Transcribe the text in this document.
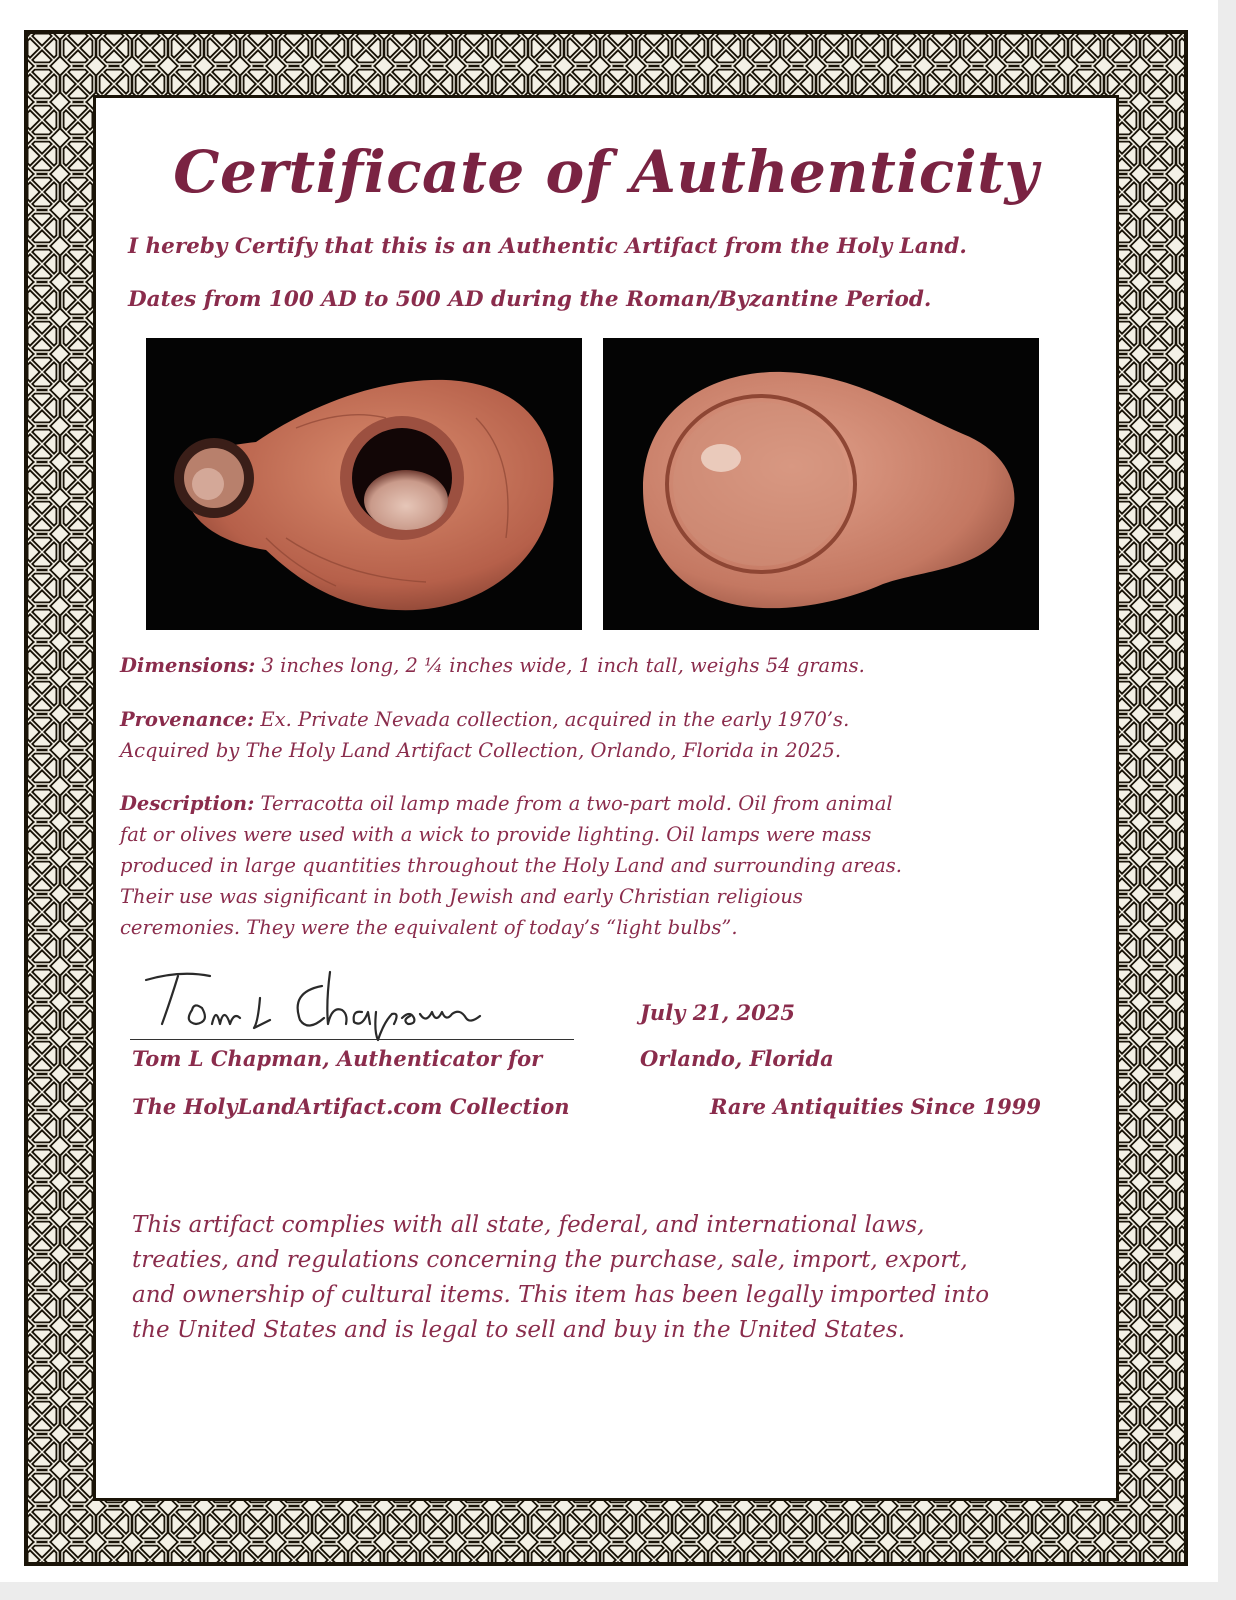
Certificate of Authenticity
I hereby Certify that this is an Authentic Artifact from the Holy Land.
Dates from 100 AD to 500 AD during the Roman/Byzantine Period.
Dimensions: 3 inches long, 2 ¼ inches wide, 1 inch tall, weighs 54 grams.
Provenance: Ex. Private Nevada collection, acquired in the early 1970’s.
Acquired by The Holy Land Artifact Collection, Orlando, Florida in 2025.
Description: Terracotta oil lamp made from a two-part mold. Oil from animal
fat or olives were used with a wick to provide lighting. Oil lamps were mass
produced in large quantities throughout the Holy Land and surrounding areas.
Their use was significant in both Jewish and early Christian religious
ceremonies. They were the equivalent of today’s “light bulbs”.
Tom L Chapman, Authenticator for
The HolyLandArtifact.com Collection
July 21, 2025
Orlando, Florida
Rare Antiquities Since 1999
This artifact complies with all state, federal, and international laws,
treaties, and regulations concerning the purchase, sale, import, export,
and ownership of cultural items. This item has been legally imported into
the United States and is legal to sell and buy in the United States.
